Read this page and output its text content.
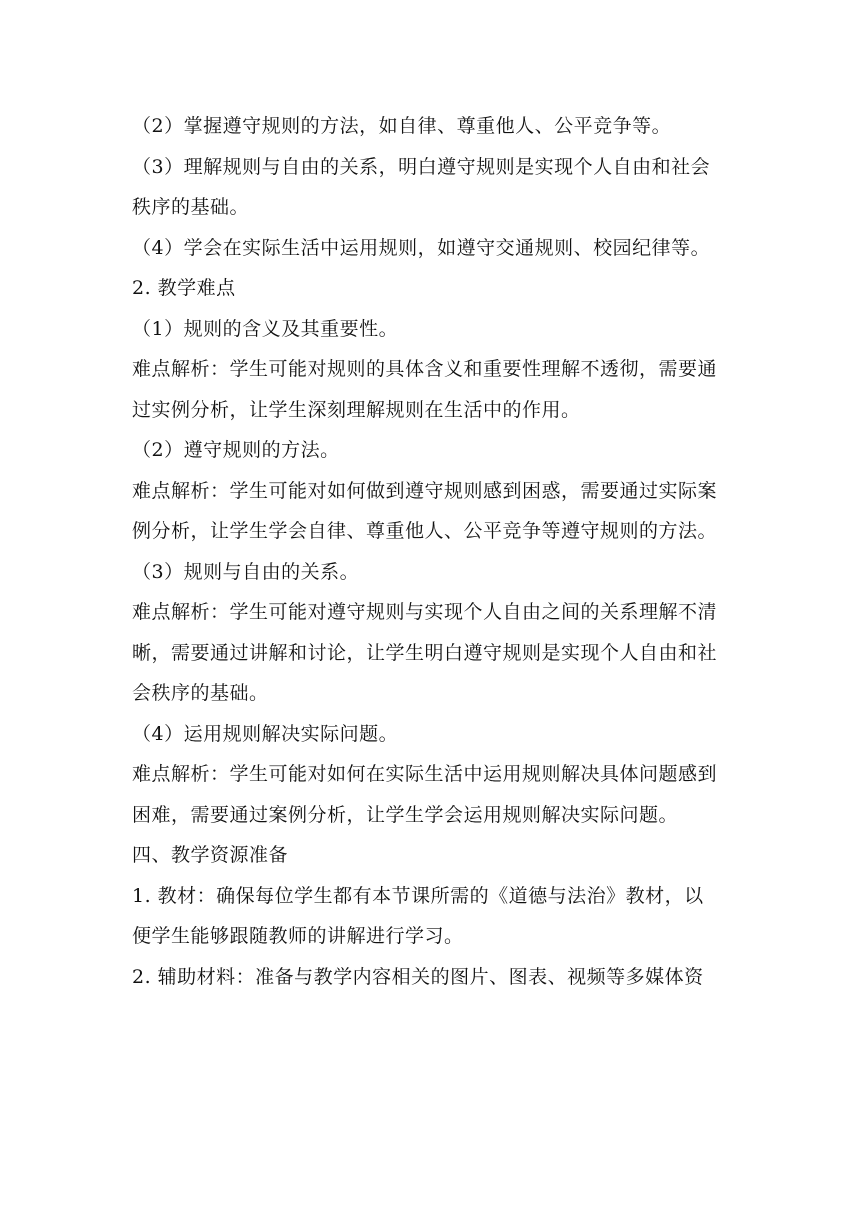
（2）掌握遵守规则的方法，如自律、尊重他人、公平竞争等。
（3）理解规则与自由的关系，明白遵守规则是实现个人自由和社会
秩序的基础。
（4）学会在实际生活中运用规则，如遵守交通规则、校园纪律等。
2. 教学难点
（1）规则的含义及其重要性。
难点解析：学生可能对规则的具体含义和重要性理解不透彻，需要通
过实例分析，让学生深刻理解规则在生活中的作用。
（2）遵守规则的方法。
难点解析：学生可能对如何做到遵守规则感到困惑，需要通过实际案
例分析，让学生学会自律、尊重他人、公平竞争等遵守规则的方法。
（3）规则与自由的关系。
难点解析：学生可能对遵守规则与实现个人自由之间的关系理解不清
晰，需要通过讲解和讨论，让学生明白遵守规则是实现个人自由和社
会秩序的基础。
（4）运用规则解决实际问题。
难点解析：学生可能对如何在实际生活中运用规则解决具体问题感到
困难，需要通过案例分析，让学生学会运用规则解决实际问题。
四、教学资源准备
1. 教材：确保每位学生都有本节课所需的《道德与法治》教材，以
便学生能够跟随教师的讲解进行学习。
2. 辅助材料：准备与教学内容相关的图片、图表、视频等多媒体资
